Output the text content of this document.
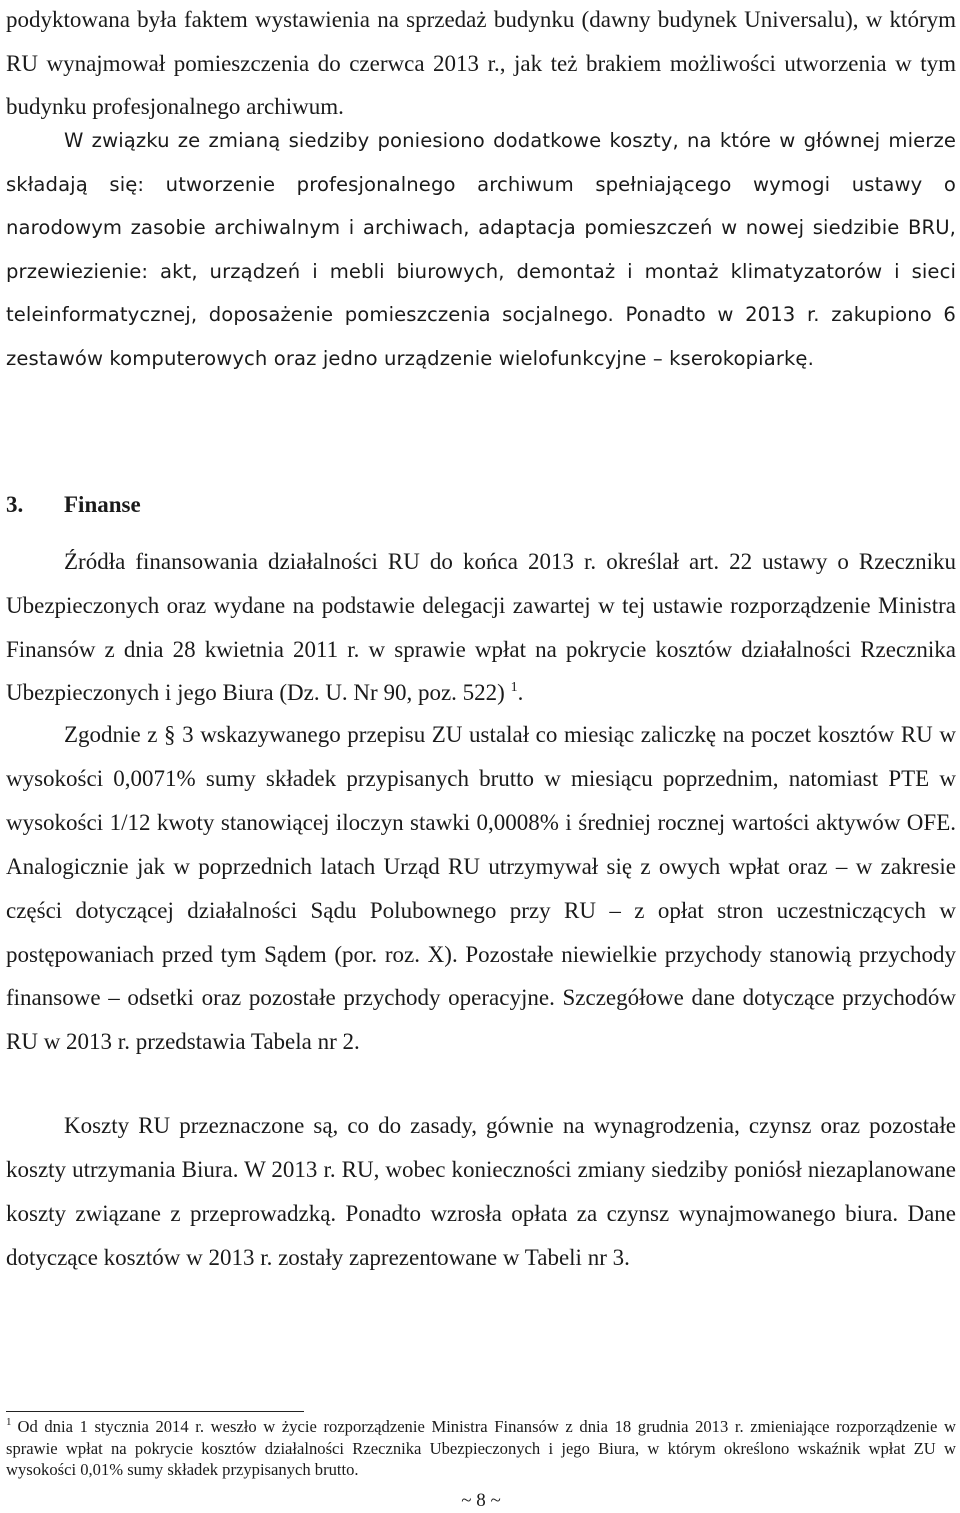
podyktowana była faktem wystawienia na sprzedaż budynku (dawny budynek Universalu), w którym RU wynajmował pomieszczenia do czerwca 2013 r., jak też brakiem możliwości utworzenia w tym budynku profesjonalnego archiwum.

W związku ze zmianą siedziby poniesiono dodatkowe koszty, na które w głównej mierze składają się: utworzenie profesjonalnego archiwum spełniającego wymogi ustawy o narodowym zasobie archiwalnym i archiwach, adaptacja pomieszczeń w nowej siedzibie BRU, przewiezienie: akt, urządzeń i mebli biurowych, demontaż i montaż klimatyzatorów i sieci teleinformatycznej, doposażenie pomieszczenia socjalnego. Ponadto w 2013 r. zakupiono 6 zestawów komputerowych oraz jedno urządzenie wielofunkcyjne – kserokopiarkę.

3. Finanse

Źródła finansowania działalności RU do końca 2013 r. określał art. 22 ustawy o Rzeczniku Ubezpieczonych oraz wydane na podstawie delegacji zawartej w tej ustawie rozporządzenie Ministra Finansów z dnia 28 kwietnia 2011 r. w sprawie wpłat na pokrycie kosztów działalności Rzecznika Ubezpieczonych i jego Biura (Dz. U. Nr 90, poz. 522) $^1$.

Zgodnie z § 3 wskazywanego przepisu ZU ustalał co miesiąc zaliczkę na poczet kosztów RU w wysokości 0,0071% sumy składek przypisanych brutto w miesiącu poprzednim, natomiast PTE w wysokości 1/12 kwoty stanowiącej iloczyn stawki 0,0008% i średniej rocznej wartości aktywów OFE. Analogicznie jak w poprzednich latach Urząd RU utrzymywał się z owych wpłat oraz – w zakresie części dotyczącej działalności Sądu Polubownego przy RU – z opłat stron uczestniczących w postępowaniach przed tym Sądem (por. roz. X). Pozostałe niewielkie przychody stanowią przychody finansowe – odsetki oraz pozostałe przychody operacyjne. Szczegółowe dane dotyczące przychodów RU w 2013 r. przedstawia Tabela nr 2.

Koszty RU przeznaczone są, co do zasady, gównie na wynagrodzenia, czynsz oraz pozostałe koszty utrzymania Biura. W 2013 r. RU, wobec konieczności zmiany siedziby poniósł niezaplanowane koszty związane z przeprowadzką. Ponadto wzrosła opłata za czynsz wynajmowanego biura. Dane dotyczące kosztów w 2013 r. zostały zaprezentowane w Tabeli nr 3.

$^1$ Od dnia 1 stycznia 2014 r. weszło w życie rozporządzenie Ministra Finansów z dnia 18 grudnia 2013 r. zmieniające rozporządzenie w sprawie wpłat na pokrycie kosztów działalności Rzecznika Ubezpieczonych i jego Biura, w którym określono wskaźnik wpłat ZU w wysokości 0,01% sumy składek przypisanych brutto.
~ 8 ~
